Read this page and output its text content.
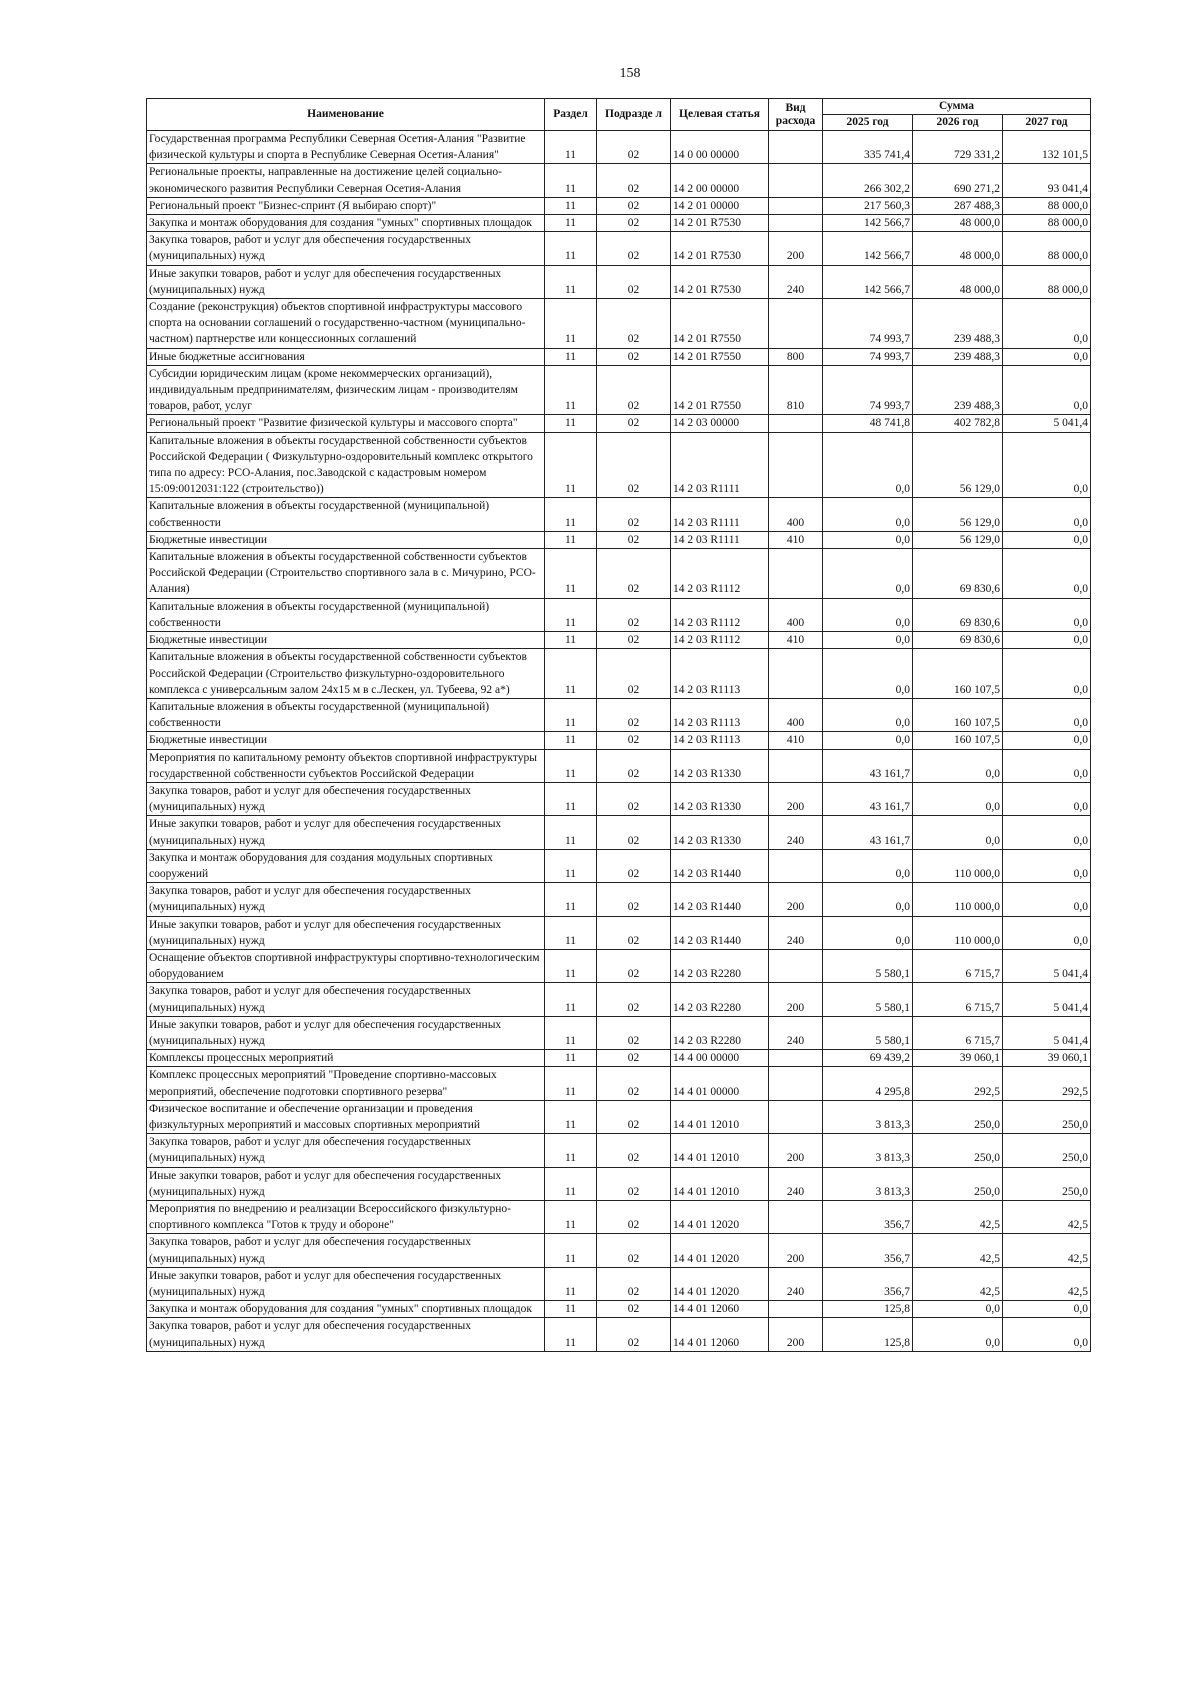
158
Наименование	Раздел	Подразде л	Целевая статья	Вид расхода	Сумма		
					2025 год	2026 год	2027 год
Государственная программа Республики Северная Осетия-Алания "Развитие физической культуры и спорта в Республике Северная Осетия-Алания"	11	02	14 0 00 00000		335 741,4	729 331,2	132 101,5
Региональные проекты, направленные на достижение целей социально-экономического развития Республики Северная Осетия-Алания	11	02	14 2 00 00000		266 302,2	690 271,2	93 041,4
Региональный проект "Бизнес-спринт (Я выбираю спорт)"	11	02	14 2 01 00000		217 560,3	287 488,3	88 000,0
Закупка и монтаж оборудования для создания "умных" спортивных площадок	11	02	14 2 01 R7530		142 566,7	48 000,0	88 000,0
Закупка товаров, работ и услуг для обеспечения государственных (муниципальных) нужд	11	02	14 2 01 R7530	200	142 566,7	48 000,0	88 000,0
Иные закупки товаров, работ и услуг для обеспечения государственных (муниципальных) нужд	11	02	14 2 01 R7530	240	142 566,7	48 000,0	88 000,0
Создание (реконструкция) объектов спортивной инфраструктуры массового спорта на основании соглашений о государственно-частном (муниципально-частном) партнерстве или концессионных соглашений	11	02	14 2 01 R7550		74 993,7	239 488,3	0,0
Иные бюджетные ассигнования	11	02	14 2 01 R7550	800	74 993,7	239 488,3	0,0
Субсидии юридическим лицам (кроме некоммерческих организаций), индивидуальным предпринимателям, физическим лицам - производителям товаров, работ, услуг	11	02	14 2 01 R7550	810	74 993,7	239 488,3	0,0
Региональный проект "Развитие физической культуры и массового спорта"	11	02	14 2 03 00000		48 741,8	402 782,8	5 041,4
Капитальные вложения в объекты государственной собственности субъектов Российской Федерации ( Физкультурно-оздоровительный комплекс открытого типа по адресу: РСО-Алания, пос.Заводской с кадастровым номером 15:09:0012031:122 (строительство))	11	02	14 2 03 R1111		0,0	56 129,0	0,0
Капитальные вложения в объекты государственной (муниципальной) собственности	11	02	14 2 03 R1111	400	0,0	56 129,0	0,0
Бюджетные инвестиции	11	02	14 2 03 R1111	410	0,0	56 129,0	0,0
Капитальные вложения в объекты государственной собственности субъектов Российской Федерации (Строительство спортивного зала в с. Мичурино, РСО-Алания)	11	02	14 2 03 R1112		0,0	69 830,6	0,0
Капитальные вложения в объекты государственной (муниципальной) собственности	11	02	14 2 03 R1112	400	0,0	69 830,6	0,0
Бюджетные инвестиции	11	02	14 2 03 R1112	410	0,0	69 830,6	0,0
Капитальные вложения в объекты государственной собственности субъектов Российской Федерации (Строительство физкультурно-оздоровительного комплекса с универсальным залом 24х15 м в с.Лескен, ул. Тубеева, 92 а*)	11	02	14 2 03 R1113		0,0	160 107,5	0,0
Капитальные вложения в объекты государственной (муниципальной) собственности	11	02	14 2 03 R1113	400	0,0	160 107,5	0,0
Бюджетные инвестиции	11	02	14 2 03 R1113	410	0,0	160 107,5	0,0
Мероприятия по капитальному ремонту объектов спортивной инфраструктуры государственной собственности субъектов Российской Федерации	11	02	14 2 03 R1330		43 161,7	0,0	0,0
Закупка товаров, работ и услуг для обеспечения государственных (муниципальных) нужд	11	02	14 2 03 R1330	200	43 161,7	0,0	0,0
Иные закупки товаров, работ и услуг для обеспечения государственных (муниципальных) нужд	11	02	14 2 03 R1330	240	43 161,7	0,0	0,0
Закупка и монтаж оборудования для создания модульных спортивных сооружений	11	02	14 2 03 R1440		0,0	110 000,0	0,0
Закупка товаров, работ и услуг для обеспечения государственных (муниципальных) нужд	11	02	14 2 03 R1440	200	0,0	110 000,0	0,0
Иные закупки товаров, работ и услуг для обеспечения государственных (муниципальных) нужд	11	02	14 2 03 R1440	240	0,0	110 000,0	0,0
Оснащение объектов спортивной инфраструктуры спортивно-технологическим оборудованием	11	02	14 2 03 R2280		5 580,1	6 715,7	5 041,4
Закупка товаров, работ и услуг для обеспечения государственных (муниципальных) нужд	11	02	14 2 03 R2280	200	5 580,1	6 715,7	5 041,4
Иные закупки товаров, работ и услуг для обеспечения государственных (муниципальных) нужд	11	02	14 2 03 R2280	240	5 580,1	6 715,7	5 041,4
Комплексы процессных мероприятий	11	02	14 4 00 00000		69 439,2	39 060,1	39 060,1
Комплекс процессных мероприятий "Проведение спортивно-массовых мероприятий, обеспечение подготовки спортивного резерва"	11	02	14 4 01 00000		4 295,8	292,5	292,5
Физическое воспитание и обеспечение организации и проведения физкультурных мероприятий и массовых спортивных мероприятий	11	02	14 4 01 12010		3 813,3	250,0	250,0
Закупка товаров, работ и услуг для обеспечения государственных (муниципальных) нужд	11	02	14 4 01 12010	200	3 813,3	250,0	250,0
Иные закупки товаров, работ и услуг для обеспечения государственных (муниципальных) нужд	11	02	14 4 01 12010	240	3 813,3	250,0	250,0
Мероприятия по внедрению и реализации Всероссийского физкультурно-спортивного комплекса "Готов к труду и обороне"	11	02	14 4 01 12020		356,7	42,5	42,5
Закупка товаров, работ и услуг для обеспечения государственных (муниципальных) нужд	11	02	14 4 01 12020	200	356,7	42,5	42,5
Иные закупки товаров, работ и услуг для обеспечения государственных (муниципальных) нужд	11	02	14 4 01 12020	240	356,7	42,5	42,5
Закупка и монтаж оборудования для создания "умных" спортивных площадок	11	02	14 4 01 12060		125,8	0,0	0,0
Закупка товаров, работ и услуг для обеспечения государственных (муниципальных) нужд	11	02	14 4 01 12060	200	125,8	0,0	0,0
